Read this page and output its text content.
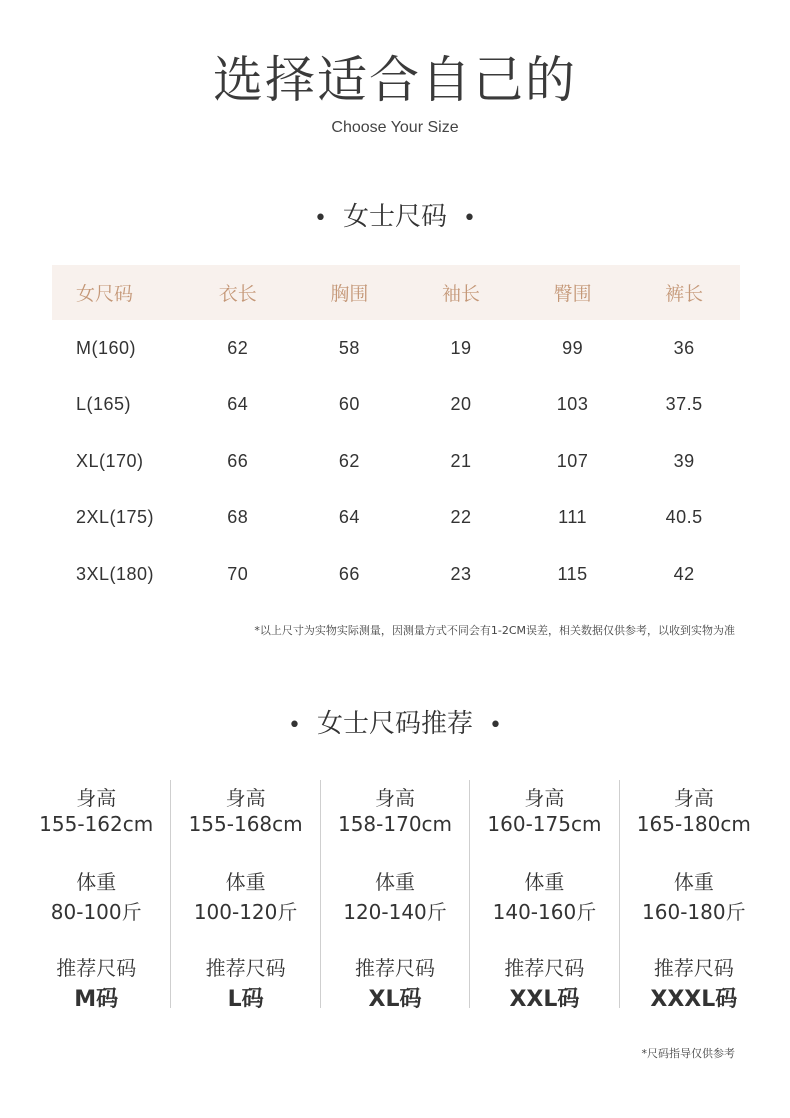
选择适合自己的
Choose Your Size
• 女士尺码 •
女尺码	衣长	胸围	袖长	臀围	裤长
M(160)	62	58	19	99	36
L(165)	64	60	20	103	37.5
XL(170)	66	62	21	107	39
2XL(175)	68	64	22	111	40.5
3XL(180)	70	66	23	115	42
*以上尺寸为实物实际测量，因测量方式不同会有1-2CM误差，相关数据仅供参考，以收到实物为准
• 女士尺码推荐 •
身高
155-162cm
体重
80-100斤
推荐尺码
M码
身高
155-168cm
体重
100-120斤
推荐尺码
L码
身高
158-170cm
体重
120-140斤
推荐尺码
XL码
身高
160-175cm
体重
140-160斤
推荐尺码
XXL码
身高
165-180cm
体重
160-180斤
推荐尺码
XXXL码
*尺码指导仅供参考
